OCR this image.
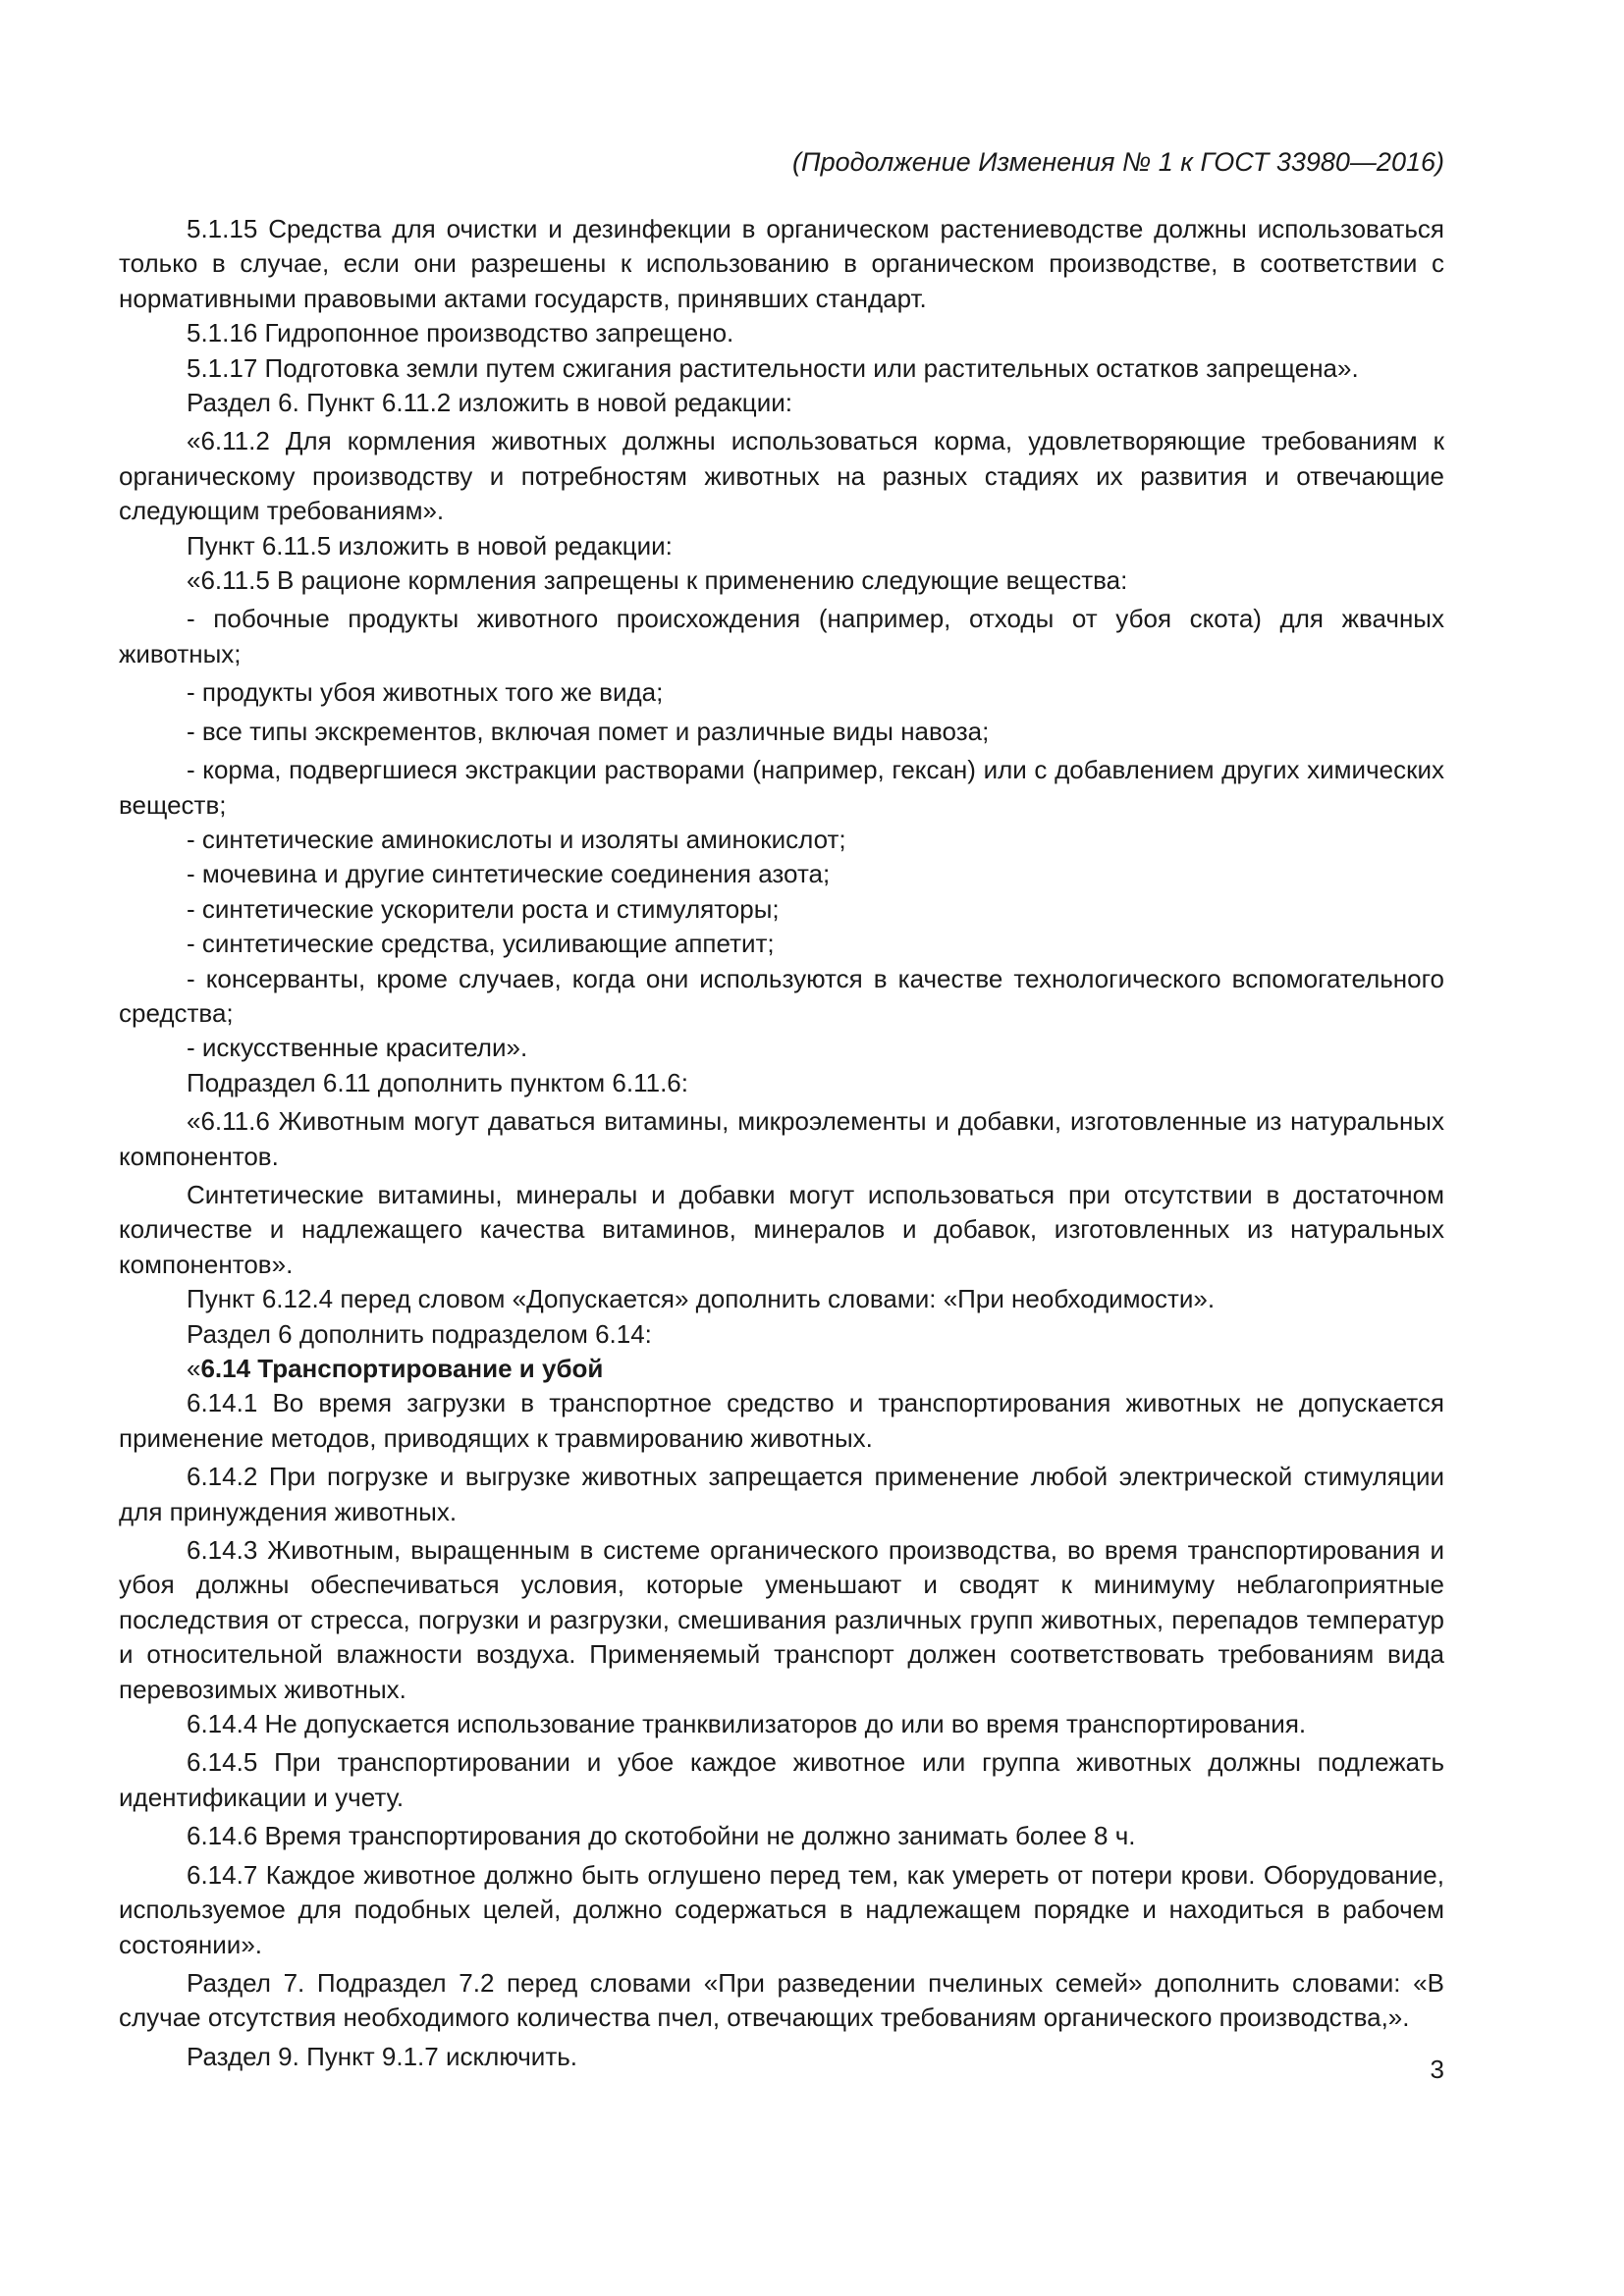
(Продолжение Изменения № 1 к ГОСТ 33980—2016)

5.1.15 Средства для очистки и дезинфекции в органическом растениеводстве должны использоваться только в случае, если они разрешены к использованию в органическом производстве, в соответствии с нормативными правовыми актами государств, принявших стандарт.

5.1.16 Гидропонное производство запрещено.

5.1.17 Подготовка земли путем сжигания растительности или растительных остатков запрещена».

Раздел 6. Пункт 6.11.2 изложить в новой редакции:

«6.11.2 Для кормления животных должны использоваться корма, удовлетворяющие требованиям к органическому производству и потребностям животных на разных стадиях их развития и отвечающие следующим требованиям».

Пункт 6.11.5 изложить в новой редакции:

«6.11.5 В рационе кормления запрещены к применению следующие вещества:

- побочные продукты животного происхождения (например, отходы от убоя скота) для жвачных животных;

- продукты убоя животных того же вида;

- все типы экскрементов, включая помет и различные виды навоза;

- корма, подвергшиеся экстракции растворами (например, гексан) или с добавлением других химических веществ;

- синтетические аминокислоты и изоляты аминокислот;

- мочевина и другие синтетические соединения азота;

- синтетические ускорители роста и стимуляторы;

- синтетические средства, усиливающие аппетит;

- консерванты, кроме случаев, когда они используются в качестве технологического вспомогательного средства;

- искусственные красители».

Подраздел 6.11 дополнить пунктом 6.11.6:

«6.11.6 Животным могут даваться витамины, микроэлементы и добавки, изготовленные из натуральных компонентов.

Синтетические витамины, минералы и добавки могут использоваться при отсутствии в достаточном количестве и надлежащего качества витаминов, минералов и добавок, изготовленных из натуральных компонентов».

Пункт 6.12.4 перед словом «Допускается» дополнить словами: «При необходимости».

Раздел 6 дополнить подразделом 6.14:

«6.14 Транспортирование и убой

6.14.1 Во время загрузки в транспортное средство и транспортирования животных не допускается применение методов, приводящих к травмированию животных.

6.14.2 При погрузке и выгрузке животных запрещается применение любой электрической стимуляции для принуждения животных.

6.14.3 Животным, выращенным в системе органического производства, во время транспортирования и убоя должны обеспечиваться условия, которые уменьшают и сводят к минимуму неблагоприятные последствия от стресса, погрузки и разгрузки, смешивания различных групп животных, перепадов температур и относительной влажности воздуха. Применяемый транспорт должен соответствовать требованиям вида перевозимых животных.

6.14.4 Не допускается использование транквилизаторов до или во время транспортирования.

6.14.5 При транспортировании и убое каждое животное или группа животных должны подлежать идентификации и учету.

6.14.6 Время транспортирования до скотобойни не должно занимать более 8 ч.

6.14.7 Каждое животное должно быть оглушено перед тем, как умереть от потери крови. Оборудование, используемое для подобных целей, должно содержаться в надлежащем порядке и находиться в рабочем состоянии».

Раздел 7. Подраздел 7.2 перед словами «При разведении пчелиных семей» дополнить словами: «В случае отсутствия необходимого количества пчел, отвечающих требованиям органического производства,».

Раздел 9. Пункт 9.1.7 исключить.	3
